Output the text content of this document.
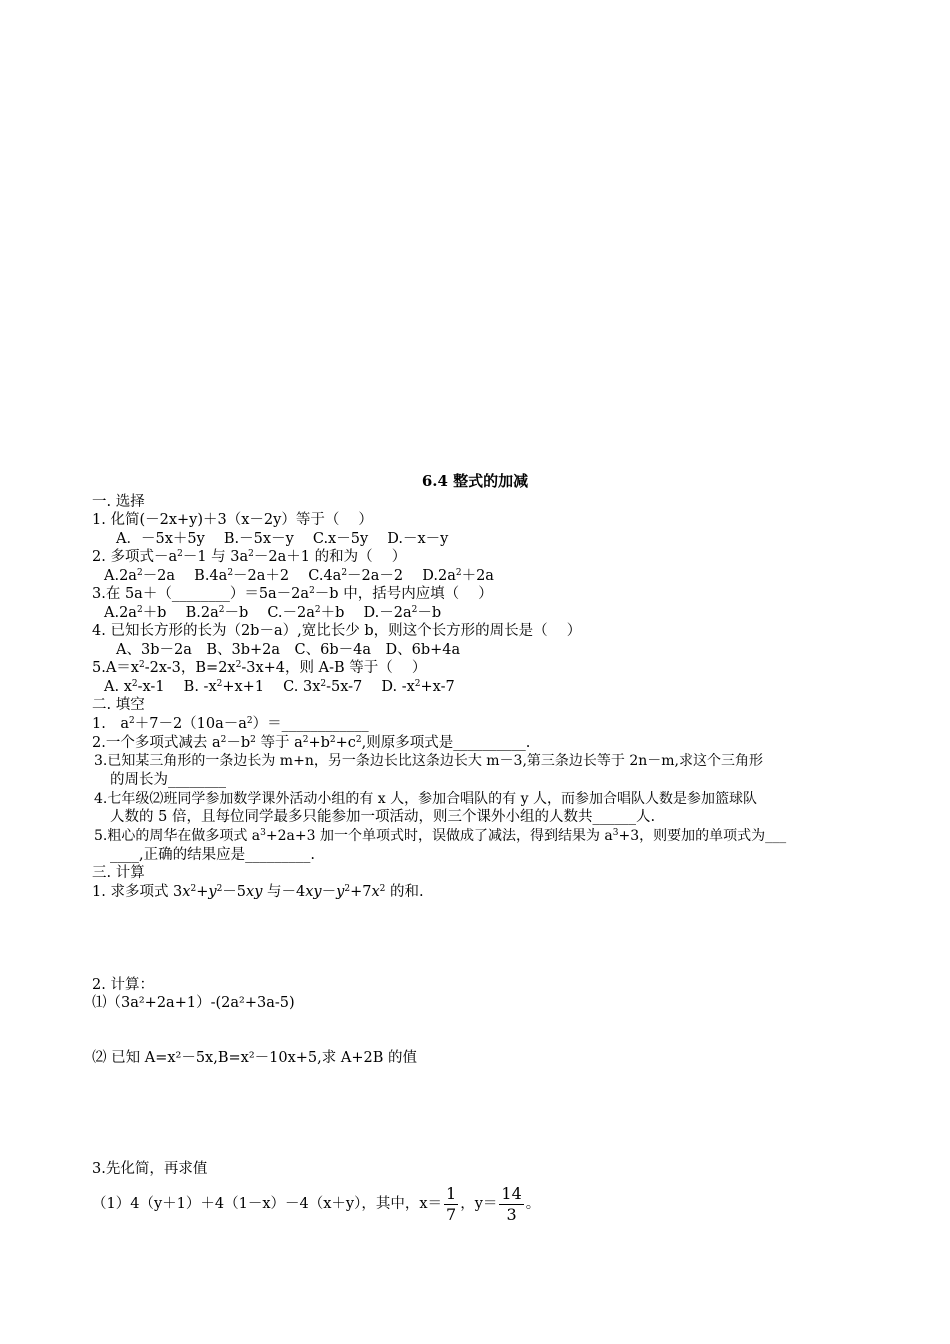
6.4 整式的加减
一. 选择
1. 化简(－2x+y)＋3（x－2y）等于（　 ）
A．－5x＋5y　 B.－5x－y　 C.x－5y　 D.－x－y
2. 多项式$-a^2-1$ 与 $3a^2-2a+1$ 的和为（　 ）
$A.2a^2-2a$　 $B.4a^2-2a+2$　 $C.4a^2-2a-2$　 $D.2a^2+2a$
3.在 $5a+(\_\_\_\_\_\_\_\_)=5a-2a^2-b$ 中，括号内应填（　 ）
$A.2a^2+b$　 $B.2a^2-b$　 $C.-2a^2+b$　 $D.-2a^2-b$
4. 已知长方形的长为（2b－a）,宽比长少 b，则这个长方形的周长是（　 ）
A、3b－2a　B、3b+2a　C、6b－4a　D、6b+4a
$5.A=x^2-2x-3$，$B=2x^2-3x+4$，则 A-B 等于（　 ）
A. $x^2-x-1$　 B. $-x^2+x+1$　 C. $3x^2-5x-7$　 D. $-x^2+x-7$
二. 填空
1.　$a^2+7-2(10a-a^2)=\_\_\_\_\_\_\_\_\_\_\_\_$
2.一个多项式减去 $a^2-b^2$ 等于 $a^2+b^2+c^2$,则原多项式是__________.
3.已知某三角形的一条边长为 m+n，另一条边长比这条边长大 m－3,第三条边长等于 2n－m,求这个三角形
的周长为________
4.七年级⑵班同学参加数学课外活动小组的有 x 人，参加合唱队的有 y 人，而参加合唱队人数是参加篮球队
人数的 5 倍，且每位同学最多只能参加一项活动，则三个课外小组的人数共______人.
5.粗心的周华在做多项式 $a^3+2a+3$ 加一个单项式时，误做成了减法，得到结果为 $a^3+3$，则要加的单项式为___
____,正确的结果应是_________.
三. 计算
1. 求多项式 $3x^2+y^2-5xy$ 与$-4xy-y^2+7x^2$ 的和.
2. 计算：
⑴（3a²+2a+1）-(2a²+3a-5)
⑵ 已知 A=x²－5x,B=x²－10x+5,求 A+2B 的值
3.先化简，再求值
（1）4（y＋1）＋4（1－x）－4（x＋y），其中，$x= \frac{1}{7}$ ，$y= \frac{14}{3}$ 。
